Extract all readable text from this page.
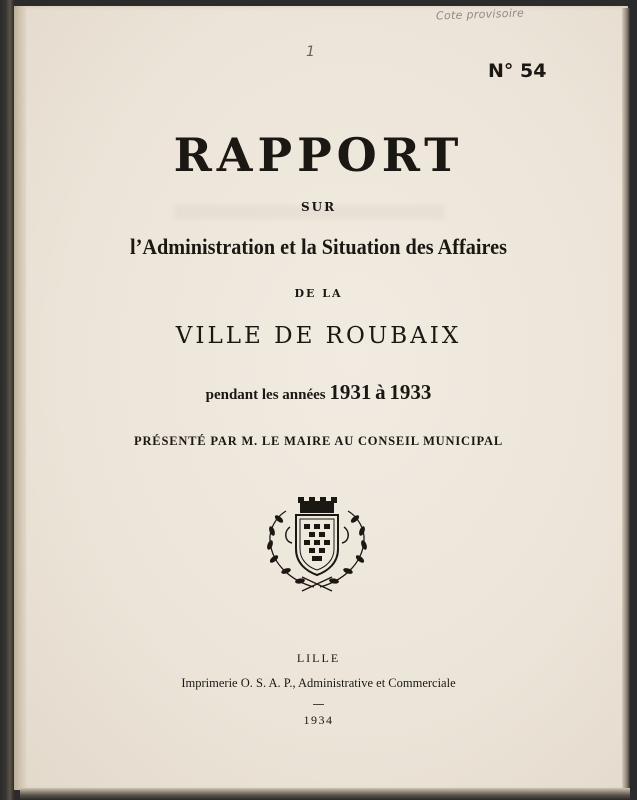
Cote provisoire
1
N° 54
RAPPORT
SUR
l’Administration et la Situation des Affaires
DE LA
VILLE DE ROUBAIX
pendant les années 1931 à 1933
PRÉSENTÉ PAR M. LE MAIRE AU CONSEIL MUNICIPAL
LILLE
Imprimerie O. S. A. P., Administrative et Commerciale
—
1934
